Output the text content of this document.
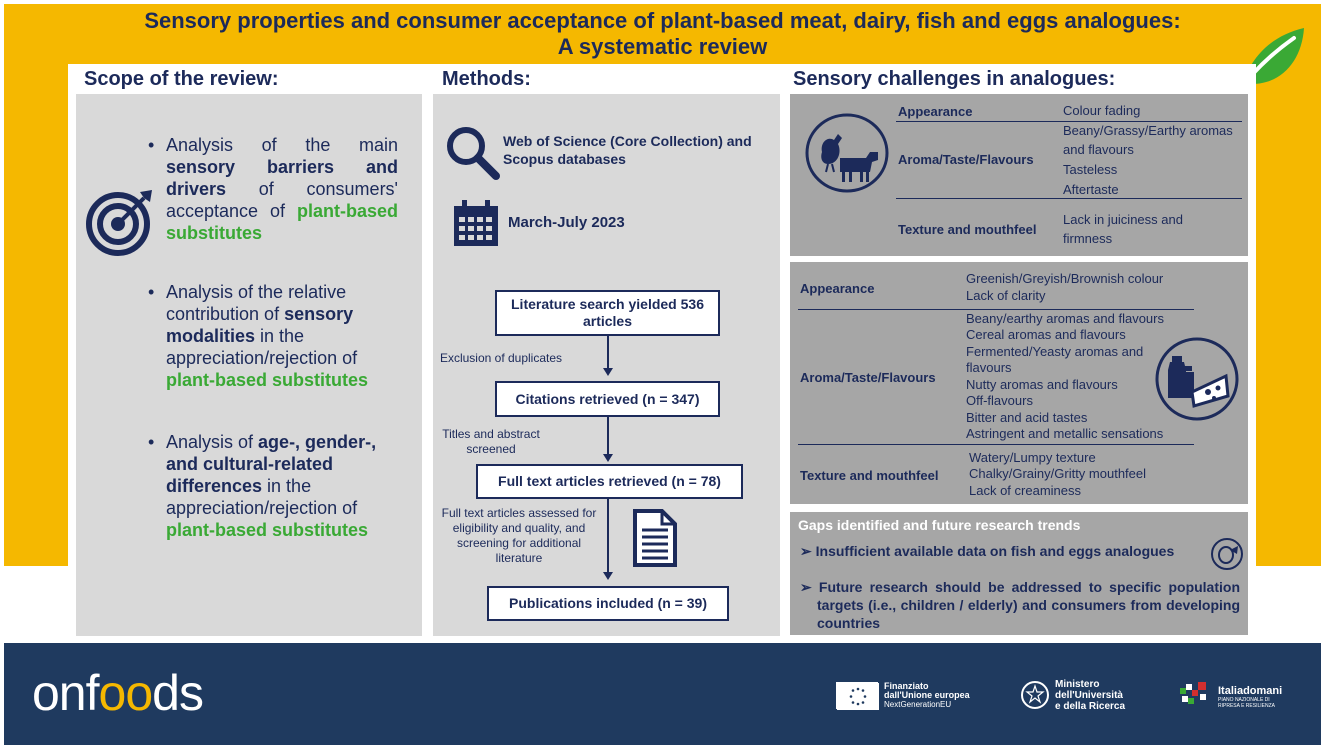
Sensory properties and consumer acceptance of plant-based meat, dairy, fish and eggs analogues:
A systematic review
Scope of the review:
• Analysis of the main sensory barriers and drivers of consumers' acceptance of plant-based substitutes
• Analysis of the relative contribution of sensory modalities in the appreciation/rejection of plant-based substitutes
• Analysis of age-, gender-, and cultural-related differences in the appreciation/rejection of plant-based substitutes
Methods:
Web of Science (Core Collection) and Scopus databases
March-July 2023
Literature search yielded 536 articles
Exclusion of duplicates
Citations retrieved (n = 347)
Titles and abstract screened
Full text articles retrieved (n = 78)
Full text articles assessed for eligibility and quality, and screening for additional literature
Publications included (n = 39)
Sensory challenges in analogues:
Appearance	Colour fading
Aroma/Taste/Flavours
Beany/Grassy/Earthy aromas
and flavours
Tasteless
Aftertaste
Texture and mouthfeel
Lack in juiciness and
firmness
Appearance
Greenish/Greyish/Brownish colour
Lack of clarity
Aroma/Taste/Flavours
Beany/earthy aromas and flavours
Cereal aromas and flavours
Fermented/Yeasty aromas and
flavours
Nutty aromas and flavours
Off-flavours
Bitter and acid tastes
Astringent and metallic sensations
Texture and mouthfeel
Watery/Lumpy texture
Chalky/Grainy/Gritty mouthfeel
Lack of creaminess
Gaps identified and future research trends
➢ Insufficient available data on fish and eggs analogues
➢ Future research should be addressed to specific population targets (i.e., children / elderly) and consumers from developing countries
onfoods	Finanziato
dall'Unione europea
NextGenerationEU
Ministero
dell'Università
e della Ricerca
Italiadomani
PIANO NAZIONALE DI RIPRESA E RESILIENZA
